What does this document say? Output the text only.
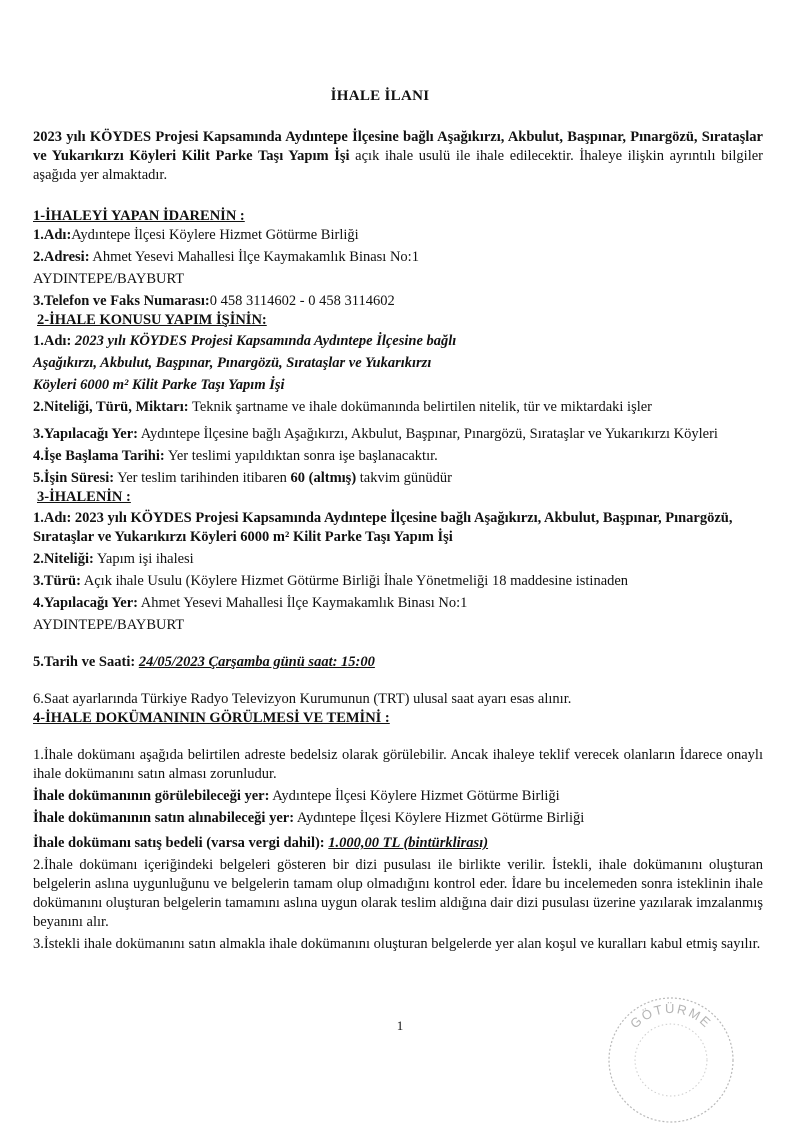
İHALE İLANI

2023 yılı KÖYDES Projesi Kapsamında Aydıntepe İlçesine bağlı Aşağıkırzı, Akbulut, Başpınar, Pınargözü, Sırataşlar ve Yukarıkırzı Köyleri Kilit Parke Taşı Yapım İşi açık ihale usulü ile ihale edilecektir. İhaleye ilişkin ayrıntılı bilgiler aşağıda yer almaktadır.

1-İHALEYİ YAPAN İDARENİN :

1.Adı:Aydıntepe İlçesi Köylere Hizmet Götürme Birliği

2.Adresi: Ahmet Yesevi Mahallesi İlçe Kaymakamlık Binası No:1

AYDINTEPE/BAYBURT

3.Telefon ve Faks Numarası:0 458 3114602 - 0 458 3114602

2-İHALE KONUSU YAPIM İŞİNİN:

1.Adı: 2023 yılı KÖYDES Projesi Kapsamında Aydıntepe İlçesine bağlı

Aşağıkırzı, Akbulut, Başpınar, Pınargözü, Sırataşlar ve Yukarıkırzı

Köyleri 6000 m² Kilit Parke Taşı Yapım İşi

2.Niteliği, Türü, Miktarı: Teknik şartname ve ihale dokümanında belirtilen nitelik, tür ve miktardaki işler

3.Yapılacağı Yer: Aydıntepe İlçesine bağlı Aşağıkırzı, Akbulut, Başpınar, Pınargözü, Sırataşlar ve Yukarıkırzı Köyleri

4.İşe Başlama Tarihi: Yer teslimi yapıldıktan sonra işe başlanacaktır.

5.İşin Süresi: Yer teslim tarihinden itibaren 60 (altmış) takvim günüdür

3-İHALENİN :

1.Adı: 2023 yılı KÖYDES Projesi Kapsamında Aydıntepe İlçesine bağlı Aşağıkırzı, Akbulut, Başpınar, Pınargözü, Sırataşlar ve Yukarıkırzı Köyleri 6000 m² Kilit Parke Taşı Yapım İşi

2.Niteliği: Yapım işi ihalesi

3.Türü: Açık ihale Usulu (Köylere Hizmet Götürme Birliği İhale Yönetmeliği 18 maddesine istinaden

4.Yapılacağı Yer: Ahmet Yesevi Mahallesi İlçe Kaymakamlık Binası No:1

AYDINTEPE/BAYBURT

5.Tarih ve Saati: 24/05/2023 Çarşamba günü saat: 15:00

6.Saat ayarlarında Türkiye Radyo Televizyon Kurumunun (TRT) ulusal saat ayarı esas alınır.

4-İHALE DOKÜMANININ GÖRÜLMESİ VE TEMİNİ :

1.İhale dokümanı aşağıda belirtilen adreste bedelsiz olarak görülebilir. Ancak ihaleye teklif verecek olanların İdarece onaylı ihale dokümanını satın alması zorunludur.

İhale dokümanının görülebileceği yer: Aydıntepe İlçesi Köylere Hizmet Götürme Birliği

İhale dokümanının satın alınabileceği yer: Aydıntepe İlçesi Köylere Hizmet Götürme Birliği

İhale dokümanı satış bedeli (varsa vergi dahil): 1.000,00 TL (bintürklirası)

2.İhale dokümanı içeriğindeki belgeleri gösteren bir dizi pusulası ile birlikte verilir. İstekli, ihale dokümanını oluşturan belgelerin aslına uygunluğunu ve belgelerin tamam olup olmadığını kontrol eder. İdare bu incelemeden sonra isteklinin ihale dokümanını oluşturan belgelerin tamamını aslına uygun olarak teslim aldığına dair dizi pusulası üzerine yazılarak imzalanmış beyanını alır.

3.İstekli ihale dokümanını satın almakla ihale dokümanını oluşturan belgelerde yer alan koşul ve kuralları kabul etmiş sayılır.

1	GÖTÜRME
